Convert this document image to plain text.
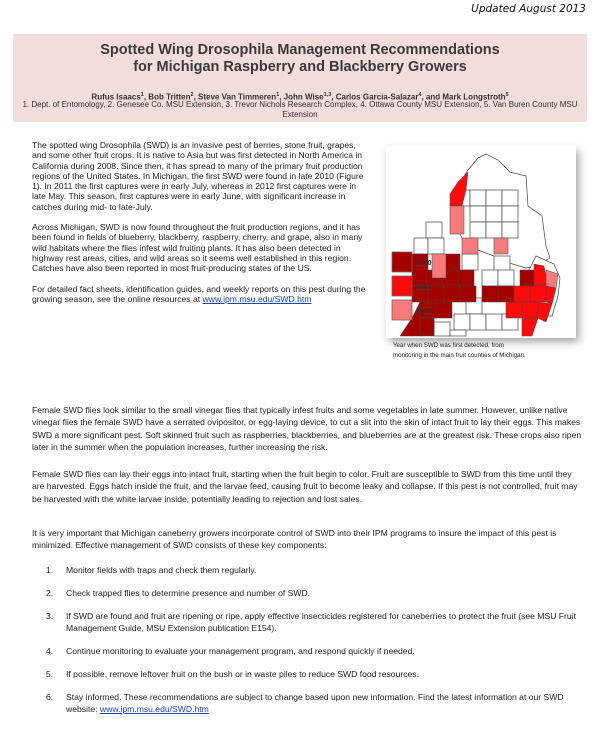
Updated August 2013
Spotted Wing Drosophila Management Recommendations
for Michigan Raspberry and Blackberry Growers
Rufus Isaacs$^1$, Bob Tritten$^2$, Steve Van Timmeren$^1$, John Wise$^{1,3}$, Carlos Garcia-Salazar$^4$, and Mark Longstroth$^5$
1. Dept. of Entomology, 2. Genesee Co. MSU Extension, 3. Trevor Nichols Research Complex, 4. Ottawa County MSU Extension, 5. Van Buren County MSU Extension

The spotted wing Drosophila (SWD) is an invasive pest of berries, stone fruit, grapes, and some other fruit crops. It is native to Asia but was first detected in North America in California during 2008. Since then, it has spread to many of the primary fruit production regions of the United States. In Michigan, the first SWD were found in late 2010 (Figure 1). In 2011 the first captures were in early July, whereas in 2012 first captures were in late May. This season, first captures were in early June, with significant increase in catches during mid- to late-July.

Across Michigan, SWD is now found throughout the fruit production regions, and it has been found in fields of blueberry, blackberry, raspberry, cherry, and grape, also in many wild habitats where the flies infest wild fruiting plants. It has also been detected in highway rest areas, cities, and wild areas so it seems well established in this region. Catches have also been reported in most fruit-producing states of the US.

For detailed fact sheets, identification guides, and weekly reports on this pest during the growing season, see the online resources at www.ipm.msu.edu/SWD.htm

2010
2011
2012
Year when SWD was first detected, from
monitoring in the main fruit counties of Michigan.

Female SWD flies look similar to the small vinegar flies that typically infest fruits and some vegetables in late summer. However, unlike native vinegar flies the female SWD have a serrated ovipositor, or egg-laying device, to cut a slit into the skin of intact fruit to lay their eggs. This makes SWD a more significant pest. Soft skinned fruit such as raspberries, blackberries, and blueberries are at the greatest risk. These crops also ripen later in the summer when the population increases, further increasing the risk.

Female SWD flies can lay their eggs into intact fruit, starting when the fruit begin to color. Fruit are susceptible to SWD from this time until they are harvested. Eggs hatch inside the fruit, and the larvae feed, causing fruit to become leaky and collapse. If this pest is not controlled, fruit may be harvested with the white larvae inside, potentially leading to rejection and lost sales.

It is very important that Michigan caneberry growers incorporate control of SWD into their IPM programs to insure the impact of this pest is minimized. Effective management of SWD consists of these key components:

1. Monitor fields with traps and check them regularly.
2. Check trapped flies to determine presence and number of SWD.
3. If SWD are found and fruit are ripening or ripe, apply effective insecticides registered for caneberries to protect the fruit (see MSU Fruit Management Guide, MSU Extension publication E154).
4. Continue monitoring to evaluate your management program, and respond quickly if needed.
5. If possible, remove leftover fruit on the bush or in waste piles to reduce SWD food resources.
6. Stay informed. These recommendations are subject to change based upon new information. Find the latest information at our SWD website: www.ipm.msu.edu/SWD.htm
